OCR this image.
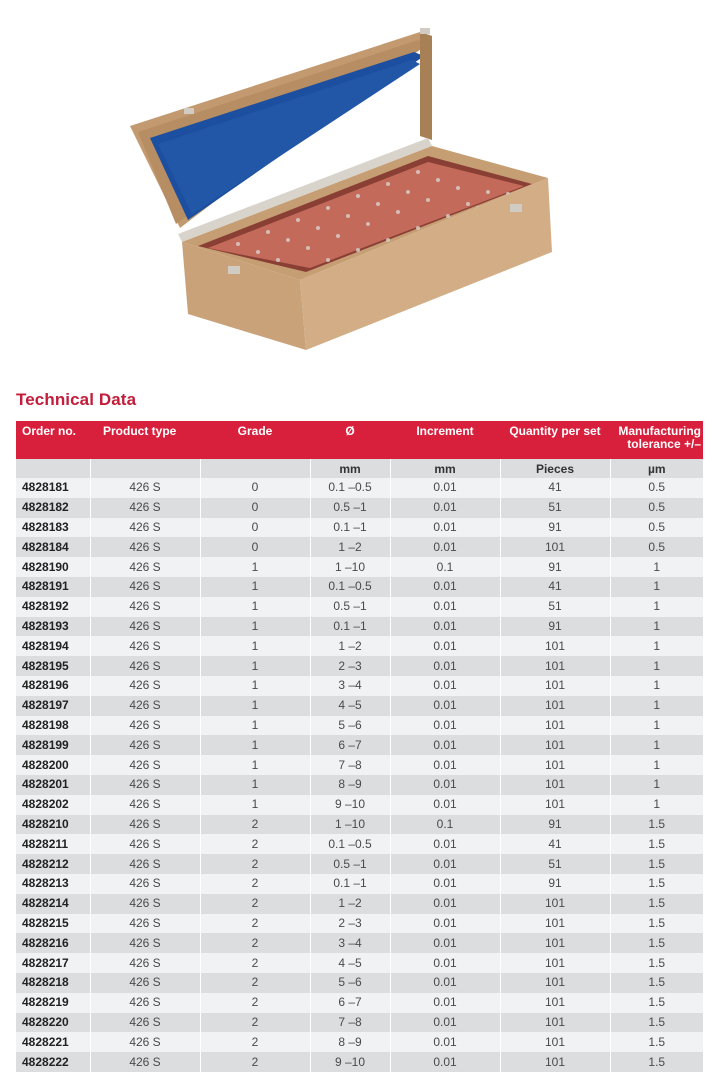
Technical Data
Order no.	Product type	Grade	Ø	Increment	Quantity per set	Manufacturing
tolerance +/–
			mm	mm	Pieces	µm
4828181	426 S	0	0.1 –0.5	0.01	41	0.5
4828182	426 S	0	0.5 –1	0.01	51	0.5
4828183	426 S	0	0.1 –1	0.01	91	0.5
4828184	426 S	0	1 –2	0.01	101	0.5
4828190	426 S	1	1 –10	0.1	91	1
4828191	426 S	1	0.1 –0.5	0.01	41	1
4828192	426 S	1	0.5 –1	0.01	51	1
4828193	426 S	1	0.1 –1	0.01	91	1
4828194	426 S	1	1 –2	0.01	101	1
4828195	426 S	1	2 –3	0.01	101	1
4828196	426 S	1	3 –4	0.01	101	1
4828197	426 S	1	4 –5	0.01	101	1
4828198	426 S	1	5 –6	0.01	101	1
4828199	426 S	1	6 –7	0.01	101	1
4828200	426 S	1	7 –8	0.01	101	1
4828201	426 S	1	8 –9	0.01	101	1
4828202	426 S	1	9 –10	0.01	101	1
4828210	426 S	2	1 –10	0.1	91	1.5
4828211	426 S	2	0.1 –0.5	0.01	41	1.5
4828212	426 S	2	0.5 –1	0.01	51	1.5
4828213	426 S	2	0.1 –1	0.01	91	1.5
4828214	426 S	2	1 –2	0.01	101	1.5
4828215	426 S	2	2 –3	0.01	101	1.5
4828216	426 S	2	3 –4	0.01	101	1.5
4828217	426 S	2	4 –5	0.01	101	1.5
4828218	426 S	2	5 –6	0.01	101	1.5
4828219	426 S	2	6 –7	0.01	101	1.5
4828220	426 S	2	7 –8	0.01	101	1.5
4828221	426 S	2	8 –9	0.01	101	1.5
4828222	426 S	2	9 –10	0.01	101	1.5
